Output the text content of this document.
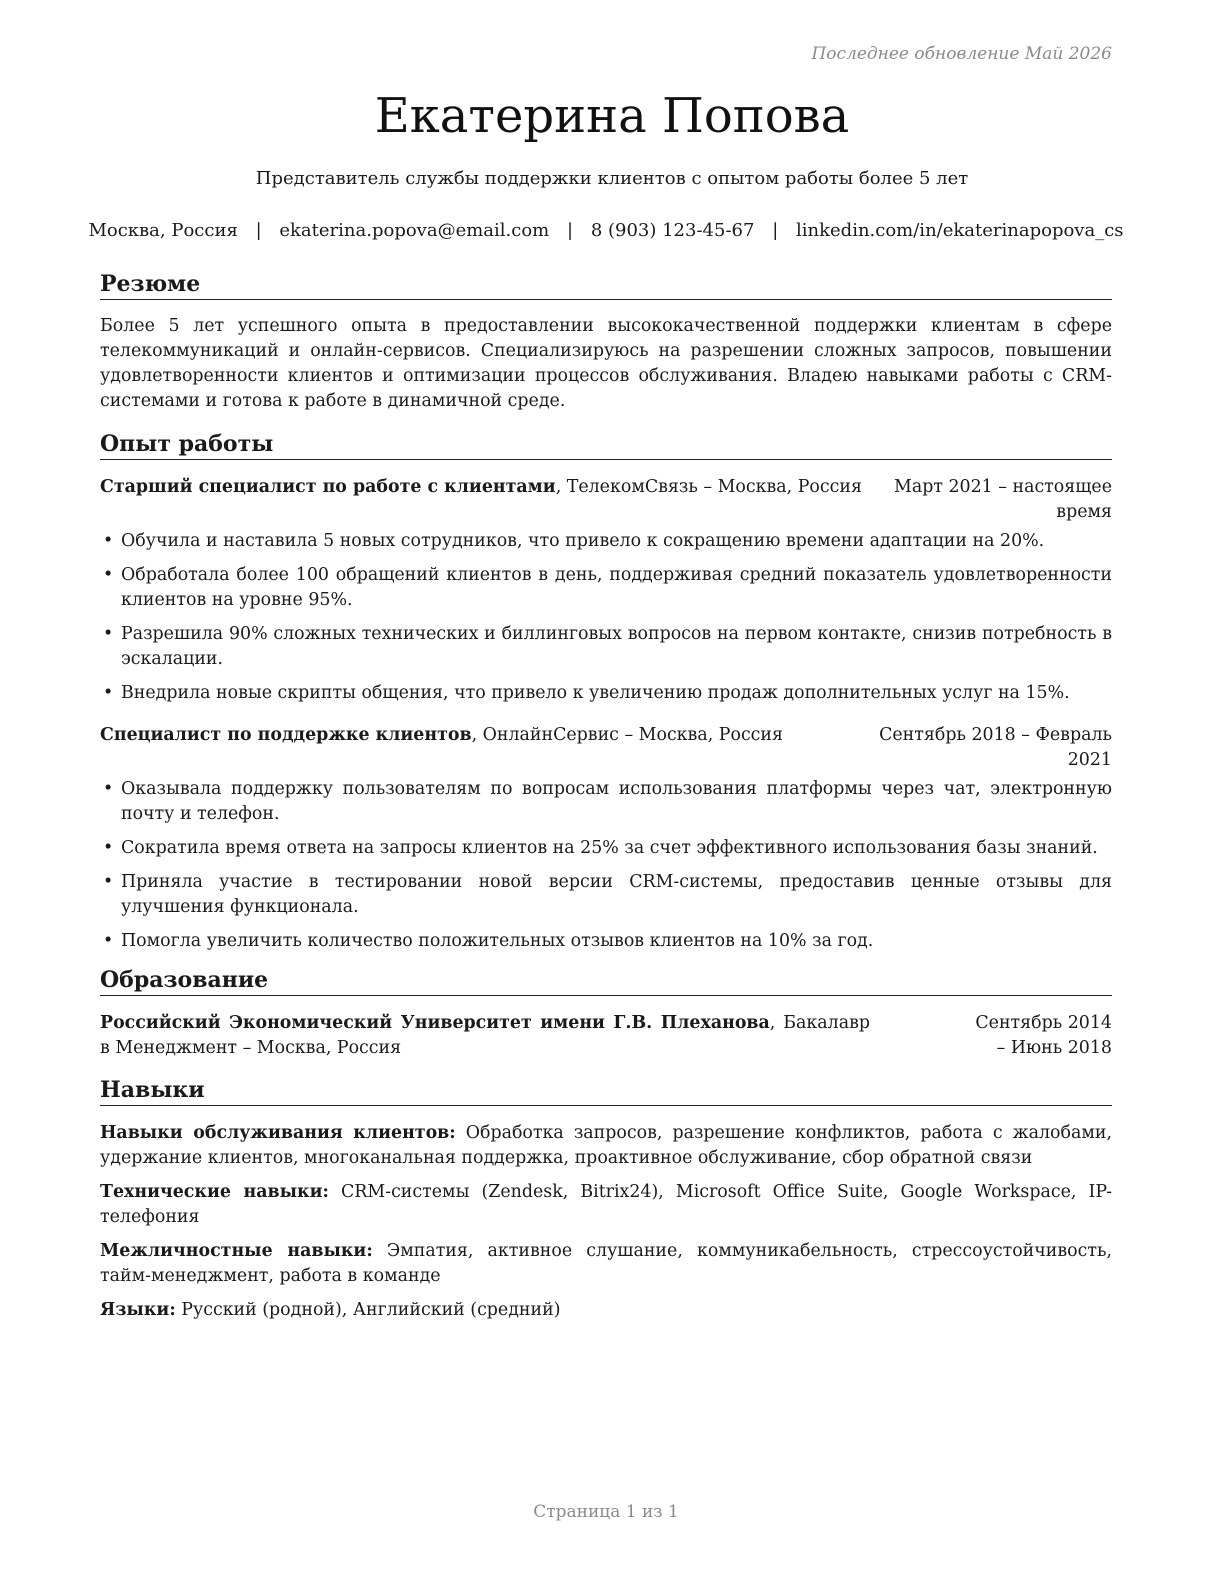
Последнее обновление Май 2026
Екатерина Попова
Представитель службы поддержки клиентов с опытом работы более 5 лет
Москва, Россия | ekaterina.popova@email.com | 8 (903) 123-45-67 | linkedin.com/in/ekaterinapopova_cs
Резюме
Более 5 лет успешного опыта в предоставлении высококачественной поддержки клиентам в сфере телекоммуникаций и онлайн-сервисов. Специализируюсь на разрешении сложных запросов, повышении удовлетворенности клиентов и оптимизации процессов обслуживания. Владею навыками работы с CRM-системами и готова к работе в динамичной среде.
Опыт работы
Старший специалист по работе с клиентами, ТелекомСвязь – Москва, Россия	Март 2021 – настоящее время
• Обучила и наставила 5 новых сотрудников, что привело к сокращению времени адаптации на 20%.
• Обработала более 100 обращений клиентов в день, поддерживая средний показатель удовлетворенности клиентов на уровне 95%.
• Разрешила 90% сложных технических и биллинговых вопросов на первом контакте, снизив потребность в эскалации.
• Внедрила новые скрипты общения, что привело к увеличению продаж дополнительных услуг на 15%.
Специалист по поддержке клиентов, ОнлайнСервис – Москва, Россия	Сентябрь 2018 – Февраль 2021
• Оказывала поддержку пользователям по вопросам использования платформы через чат, электронную почту и телефон.
• Сократила время ответа на запросы клиентов на 25% за счет эффективного использования базы знаний.
• Приняла участие в тестировании новой версии CRM-системы, предоставив ценные отзывы для улучшения функционала.
• Помогла увеличить количество положительных отзывов клиентов на 10% за год.
Образование
Российский Экономический Университет имени Г.В. Плеханова, Бакалавр в Менеджмент – Москва, Россия
Сентябрь 2014 – Июнь 2018
Навыки
Навыки обслуживания клиентов: Обработка запросов, разрешение конфликтов, работа с жалобами, удержание клиентов, многоканальная поддержка, проактивное обслуживание, сбор обратной связи
Технические навыки: CRM-системы (Zendesk, Bitrix24), Microsoft Office Suite, Google Workspace, IP-телефония
Межличностные навыки: Эмпатия, активное слушание, коммуникабельность, стрессоустойчивость, тайм-менеджмент, работа в команде
Языки: Русский (родной), Английский (средний)
Страница 1 из 1
